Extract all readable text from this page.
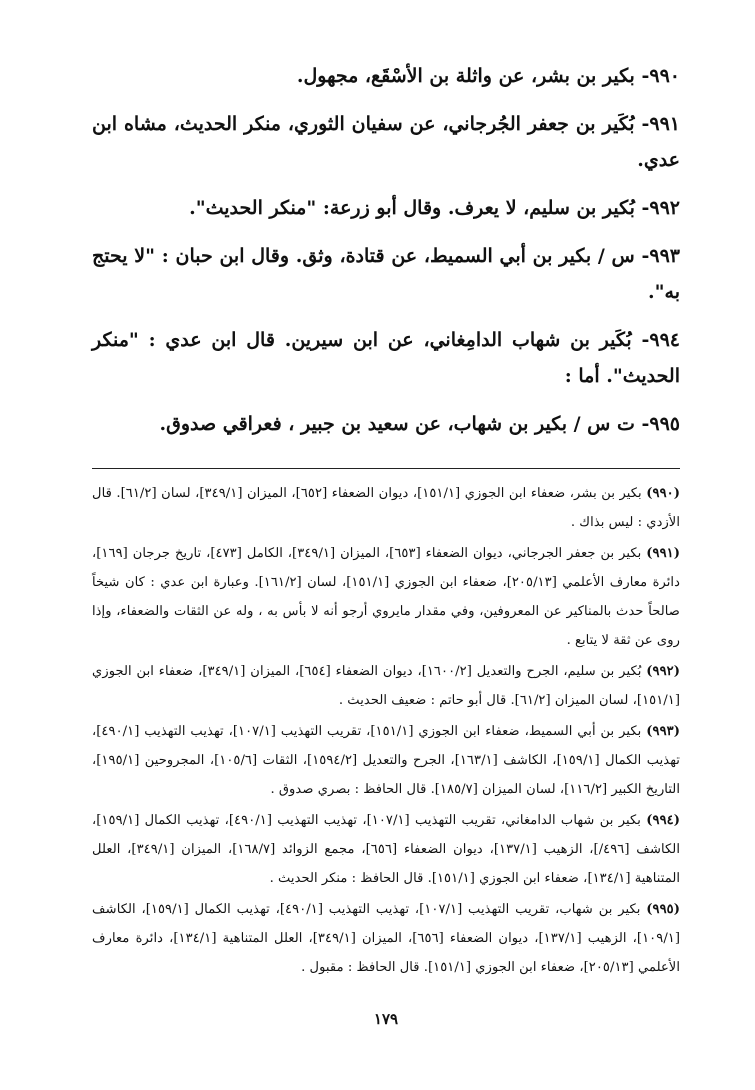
٩٩٠- بكير بن بشر، عن واثلة بن الأسْقَع، مجهول.

٩٩١- بُكَير بن جعفر الجُرجاني، عن سفيان الثوري، منكر الحديث، مشاه ابن عدي.

٩٩٢- بُكير بن سليم، لا يعرف. وقال أبو زرعة: "منكر الحديث".

٩٩٣- س / بكير بن أبي السميط، عن قتادة، وثق. وقال ابن حبان : "لا يحتج به".

٩٩٤- بُكَير بن شهاب الدامِغاني، عن ابن سيرين. قال ابن عدي : "منكر الحديث". أما :

٩٩٥- ت س / بكير بن شهاب، عن سعيد بن جبير ، فعراقي صدوق.

(٩٩٠) بكير بن بشر، ضعفاء ابن الجوزي [١٥١/١]، ديوان الضعفاء [٦٥٢]، الميزان [٣٤٩/١]، لسان [٦١/٢]. قال الأزدي : ليس بذاك .

(٩٩١) بكير بن جعفر الجرجاني، ديوان الضعفاء [٦٥٣]، الميزان [٣٤٩/١]، الكامل [٤٧٣]، تاريخ جرجان [١٦٩]، دائرة معارف الأعلمي [٢٠٥/١٣]، ضعفاء ابن الجوزي [١٥١/١]، لسان [١٦١/٢]. وعبارة ابن عدي : كان شيخاً صالحاً حدث بالمناكير عن المعروفين، وفي مقدار مايروي أرجو أنه لا بأس به ، وله عن الثقات والضعفاء، وإذا روى عن ثقة لا يتابع .

(٩٩٢) بُكير بن سليم، الجرح والتعديل [١٦٠٠/٢]، ديوان الضعفاء [٦٥٤]، الميزان [٣٤٩/١]، ضعفاء ابن الجوزي [١٥١/١]، لسان الميزان [٦١/٢]. قال أبو حاتم : ضعيف الحديث .

(٩٩٣) بكير بن أبي السميط، ضعفاء ابن الجوزي [١٥١/١]، تقريب التهذيب [١٠٧/١]، تهذيب التهذيب [٤٩٠/١]، تهذيب الكمال [١٥٩/١]، الكاشف [١٦٣/١]، الجرح والتعديل [١٥٩٤/٢]، الثقات [١٠٥/٦]، المجروحين [١٩٥/١]، التاريخ الكبير [١١٦/٢]، لسان الميزان [١٨٥/٧]. قال الحافظ : بصري صدوق .

(٩٩٤) بكير بن شهاب الدامغاني، تقريب التهذيب [١٠٧/١]، تهذيب التهذيب [٤٩٠/١]، تهذيب الكمال [١٥٩/١]، الكاشف [٤٩٦/]، الزهيب [١٣٧/١]، ديوان الضعفاء [٦٥٦]، مجمع الزوائد [١٦٨/٧]، الميزان [٣٤٩/١]، العلل المتناهية [١٣٤/١]، ضعفاء ابن الجوزي [١٥١/١]. قال الحافظ : منكر الحديث .

(٩٩٥) بكير بن شهاب، تقريب التهذيب [١٠٧/١]، تهذيب التهذيب [٤٩٠/١]، تهذيب الكمال [١٥٩/١]، الكاشف [١٠٩/١]، الزهيب [١٣٧/١]، ديوان الضعفاء [٦٥٦]، الميزان [٣٤٩/١]، العلل المتناهية [١٣٤/١]، دائرة معارف الأعلمي [٢٠٥/١٣]، ضعفاء ابن الجوزي [١٥١/١]. قال الحافظ : مقبول .

١٧٩
